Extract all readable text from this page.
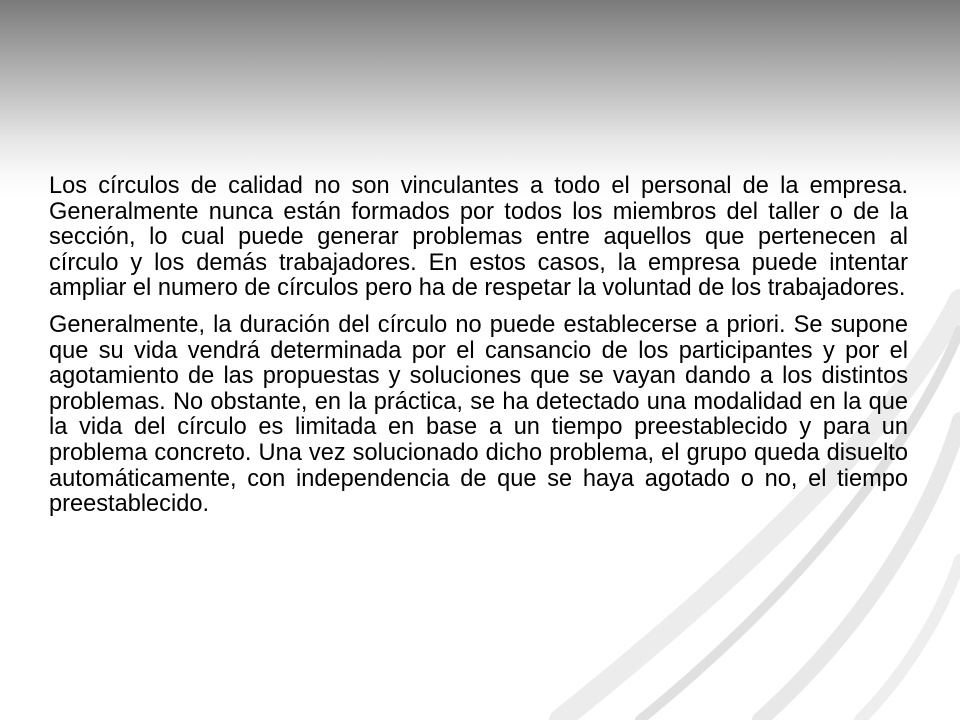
Los círculos de calidad no son vinculantes a todo el personal de la empresa. Generalmente nunca están formados por todos los miembros del taller o de la sección, lo cual puede generar problemas entre aquellos que pertenecen al círculo y los demás trabajadores. En estos casos, la empresa puede intentar ampliar el numero de círculos pero ha de respetar la voluntad de los trabajadores.

Generalmente, la duración del círculo no puede establecerse a priori. Se supone que su vida vendrá determinada por el cansancio de los participantes y por el agotamiento de las propuestas y soluciones que se vayan dando a los distintos problemas. No obstante, en la práctica, se ha detectado una modalidad en la que la vida del círculo es limitada en base a un tiempo preestablecido y para un problema concreto. Una vez solucionado dicho problema, el grupo queda disuelto automáticamente, con independencia de que se haya agotado o no, el tiempo preestablecido.
